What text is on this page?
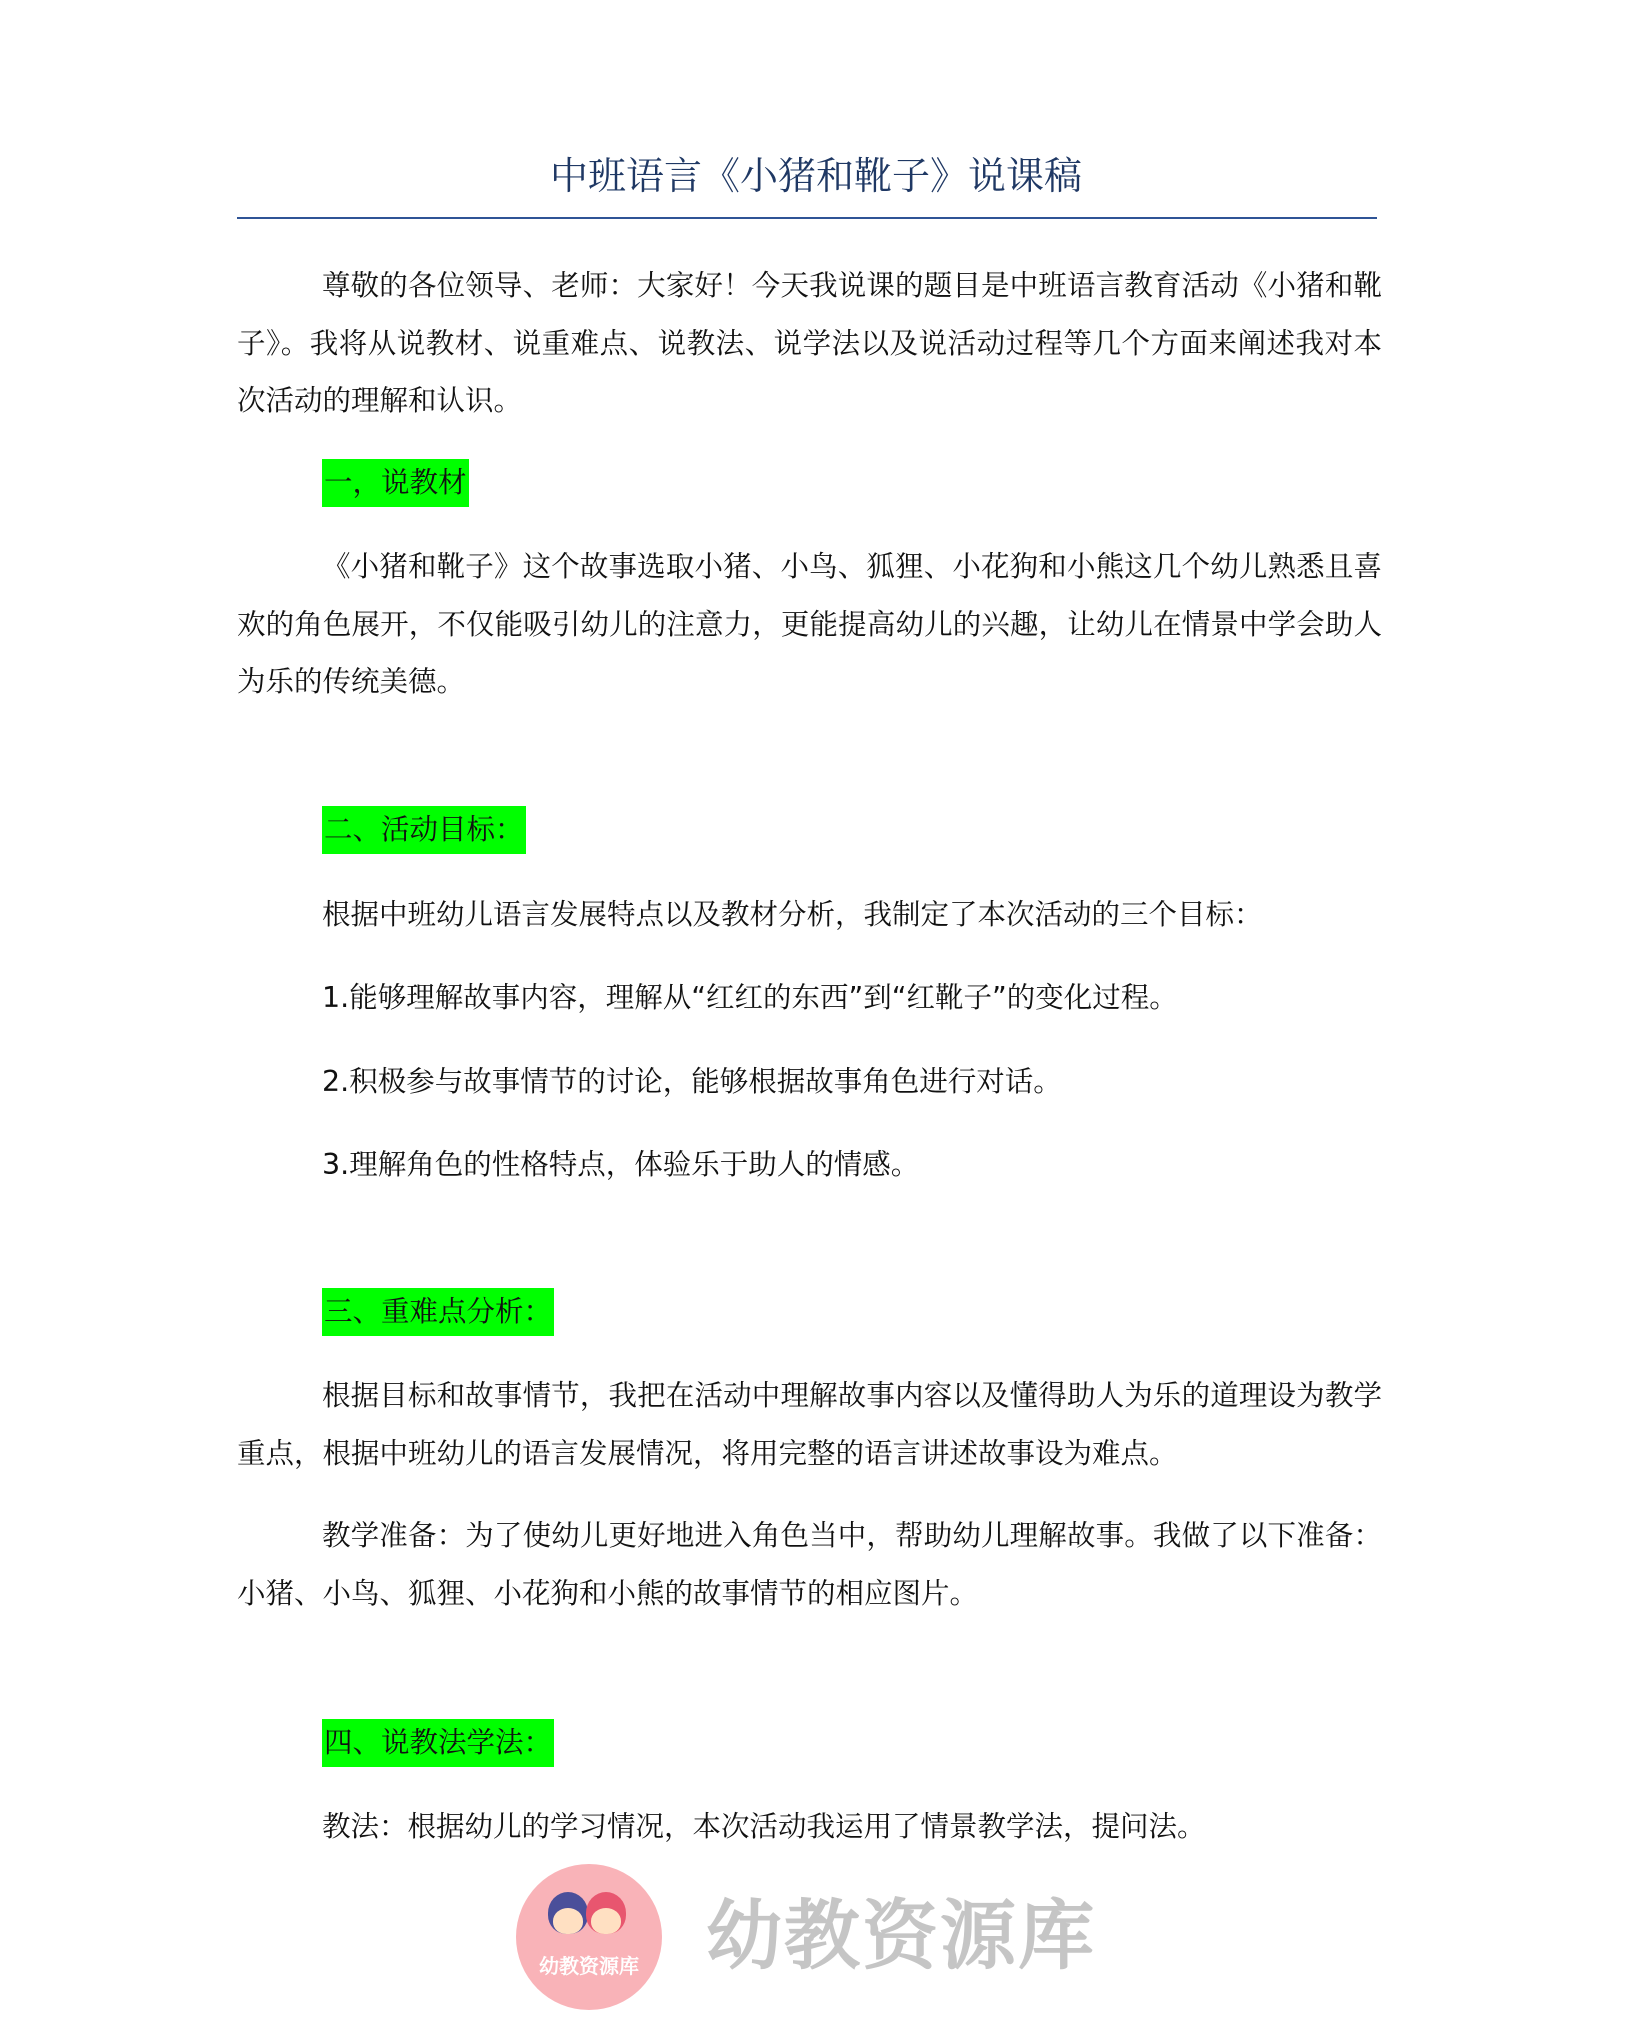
中班语言《小猪和靴子》说课稿
尊敬的各位领导、老师：大家好！今天我说课的题目是中班语言教育活动《小猪和靴子》。我将从说教材、说重难点、说教法、说学法以及说活动过程等几个方面来阐述我对本次活动的理解和认识。
一，说教材
《小猪和靴子》这个故事选取小猪、小鸟、狐狸、小花狗和小熊这几个幼儿熟悉且喜欢的角色展开，不仅能吸引幼儿的注意力，更能提高幼儿的兴趣，让幼儿在情景中学会助人为乐的传统美德。
二、活动目标：
根据中班幼儿语言发展特点以及教材分析，我制定了本次活动的三个目标：
1.能够理解故事内容，理解从“红红的东西”到“红靴子”的变化过程。
2.积极参与故事情节的讨论，能够根据故事角色进行对话。
3.理解角色的性格特点，体验乐于助人的情感。
三、重难点分析：
根据目标和故事情节，我把在活动中理解故事内容以及懂得助人为乐的道理设为教学重点，根据中班幼儿的语言发展情况，将用完整的语言讲述故事设为难点。
教学准备：为了使幼儿更好地进入角色当中，帮助幼儿理解故事。我做了以下准备：小猪、小鸟、狐狸、小花狗和小熊的故事情节的相应图片。
四、说教法学法：
教法：根据幼儿的学习情况，本次活动我运用了情景教学法，提问法。
幼教资源库 幼教资源库
